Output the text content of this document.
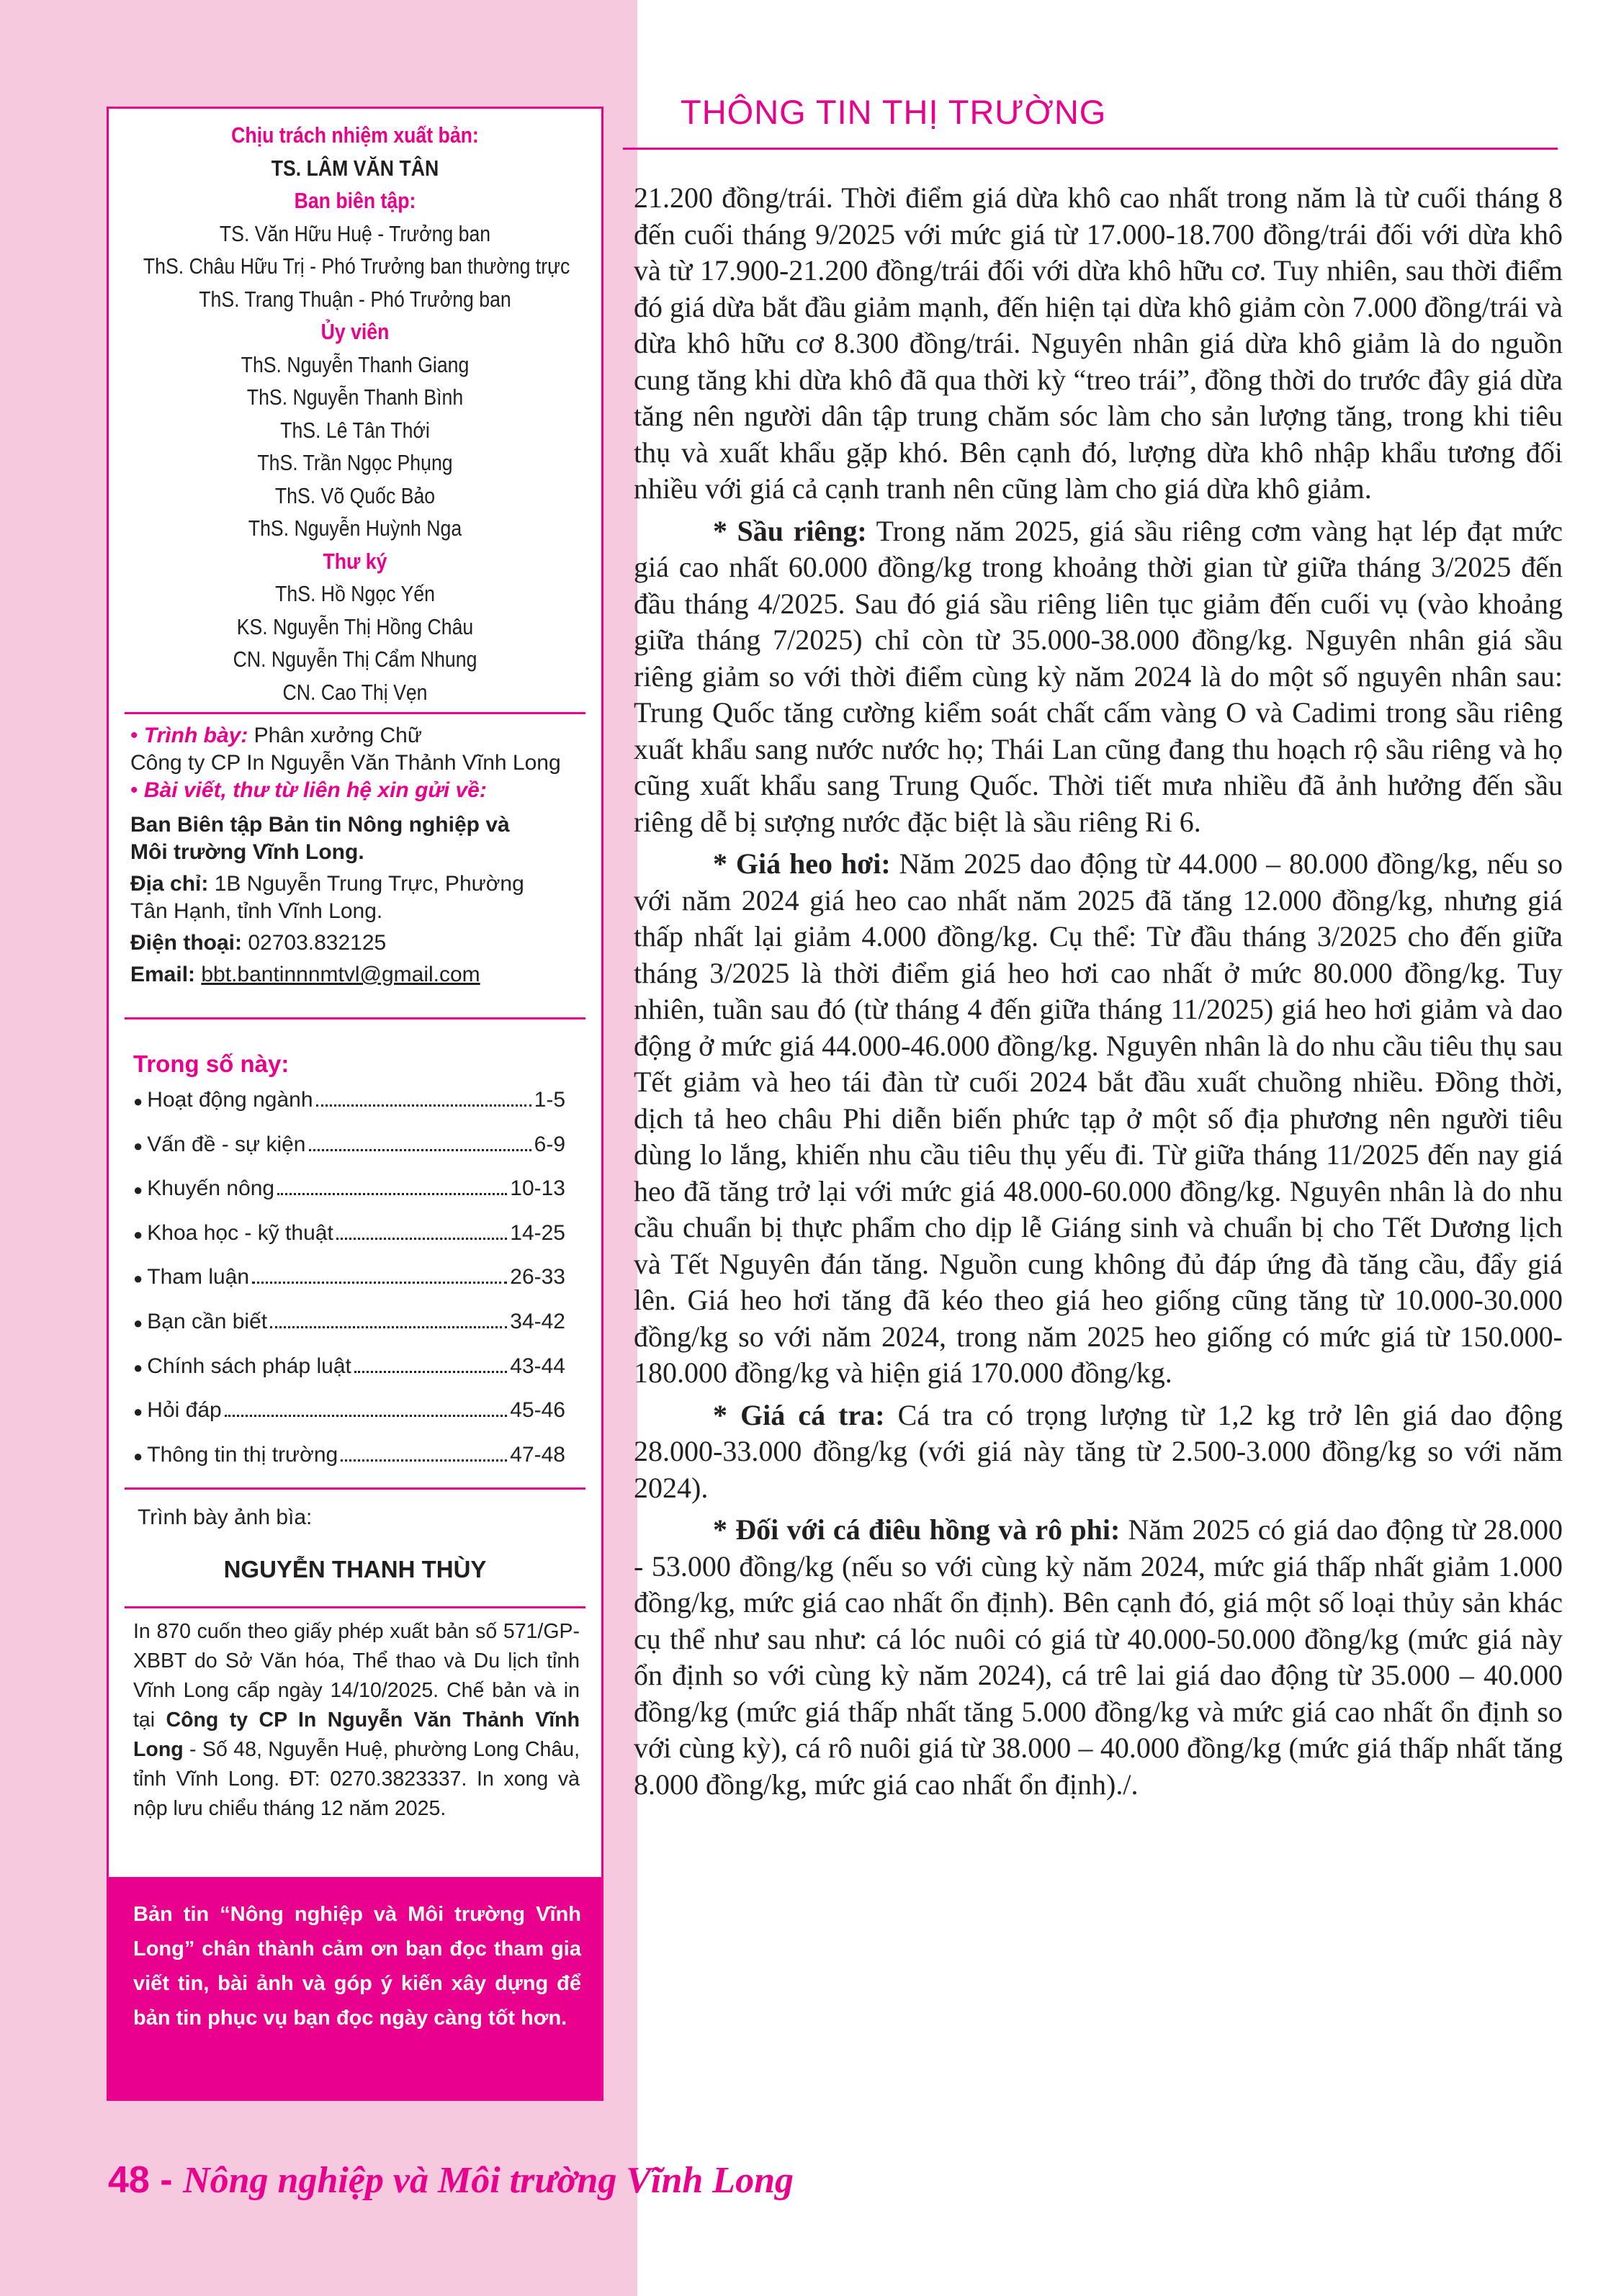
Chịu trách nhiệm xuất bản:
TS. LÂM VĂN TÂN
Ban biên tập:
TS. Văn Hữu Huệ - Trưởng ban
ThS. Châu Hữu Trị - Phó Trưởng ban thường trực
ThS. Trang Thuận - Phó Trưởng ban
Ủy viên
ThS. Nguyễn Thanh Giang
ThS. Nguyễn Thanh Bình
ThS. Lê Tân Thới
ThS. Trần Ngọc Phụng
ThS. Võ Quốc Bảo
ThS. Nguyễn Huỳnh Nga
Thư ký
ThS. Hồ Ngọc Yến
KS. Nguyễn Thị Hồng Châu
CN. Nguyễn Thị Cẩm Nhung
CN. Cao Thị Vẹn
• Trình bày: Phân xưởng Chữ
Công ty CP In Nguyễn Văn Thảnh Vĩnh Long
• Bài viết, thư từ liên hệ xin gửi về:
Ban Biên tập Bản tin Nông nghiệp và
Môi trường Vĩnh Long.
Địa chỉ: 1B Nguyễn Trung Trực, Phường
Tân Hạnh, tỉnh Vĩnh Long.
Điện thoại: 02703.832125
Email: bbt.bantinnnmtvl@gmail.com
Trong số này:
● Hoạt động ngành	1-5
● Vấn đề - sự kiện	6-9
● Khuyến nông	10-13
● Khoa học - kỹ thuật	14-25
● Tham luận	26-33
● Bạn cần biết	34-42
● Chính sách pháp luật	43-44
● Hỏi đáp	45-46
● Thông tin thị trường	47-48
Trình bày ảnh bìa:
NGUYỄN THANH THÙY
In 870 cuốn theo giấy phép xuất bản số 571/GP-XBBT do Sở Văn hóa, Thể thao và Du lịch tỉnh Vĩnh Long cấp ngày 14/10/2025. Chế bản và in tại Công ty CP In Nguyễn Văn Thảnh Vĩnh Long - Số 48, Nguyễn Huệ, phường Long Châu, tỉnh Vĩnh Long. ĐT: 0270.3823337. In xong và nộp lưu chiểu tháng 12 năm 2025.
Bản tin “Nông nghiệp và Môi trường Vĩnh Long” chân thành cảm ơn bạn đọc tham gia viết tin, bài ảnh và góp ý kiến xây dựng để bản tin phục vụ bạn đọc ngày càng tốt hơn.
THÔNG TIN THỊ TRƯỜNG

21.200 đồng/trái. Thời điểm giá dừa khô cao nhất trong năm là từ cuối tháng 8 đến cuối tháng 9/2025 với mức giá từ 17.000-18.700 đồng/trái đối với dừa khô và từ 17.900-21.200 đồng/trái đối với dừa khô hữu cơ. Tuy nhiên, sau thời điểm đó giá dừa bắt đầu giảm mạnh, đến hiện tại dừa khô giảm còn 7.000 đồng/trái và dừa khô hữu cơ 8.300 đồng/trái. Nguyên nhân giá dừa khô giảm là do nguồn cung tăng khi dừa khô đã qua thời kỳ “treo trái”, đồng thời do trước đây giá dừa tăng nên người dân tập trung chăm sóc làm cho sản lượng tăng, trong khi tiêu thụ và xuất khẩu gặp khó. Bên cạnh đó, lượng dừa khô nhập khẩu tương đối nhiều với giá cả cạnh tranh nên cũng làm cho giá dừa khô giảm.

* Sầu riêng: Trong năm 2025, giá sầu riêng cơm vàng hạt lép đạt mức giá cao nhất 60.000 đồng/kg trong khoảng thời gian từ giữa tháng 3/2025 đến đầu tháng 4/2025. Sau đó giá sầu riêng liên tục giảm đến cuối vụ (vào khoảng giữa tháng 7/2025) chỉ còn từ 35.000-38.000 đồng/kg. Nguyên nhân giá sầu riêng giảm so với thời điểm cùng kỳ năm 2024 là do một số nguyên nhân sau: Trung Quốc tăng cường kiểm soát chất cấm vàng O và Cadimi trong sầu riêng xuất khẩu sang nước nước họ; Thái Lan cũng đang thu hoạch rộ sầu riêng và họ cũng xuất khẩu sang Trung Quốc. Thời tiết mưa nhiều đã ảnh hưởng đến sầu riêng dễ bị sượng nước đặc biệt là sầu riêng Ri 6.

* Giá heo hơi: Năm 2025 dao động từ 44.000 – 80.000 đồng/kg, nếu so với năm 2024 giá heo cao nhất năm 2025 đã tăng 12.000 đồng/kg, nhưng giá thấp nhất lại giảm 4.000 đồng/kg. Cụ thể: Từ đầu tháng 3/2025 cho đến giữa tháng 3/2025 là thời điểm giá heo hơi cao nhất ở mức 80.000 đồng/kg. Tuy nhiên, tuần sau đó (từ tháng 4 đến giữa tháng 11/2025) giá heo hơi giảm và dao động ở mức giá 44.000-46.000 đồng/kg. Nguyên nhân là do nhu cầu tiêu thụ sau Tết giảm và heo tái đàn từ cuối 2024 bắt đầu xuất chuồng nhiều. Đồng thời, dịch tả heo châu Phi diễn biến phức tạp ở một số địa phương nên người tiêu dùng lo lắng, khiến nhu cầu tiêu thụ yếu đi. Từ giữa tháng 11/2025 đến nay giá heo đã tăng trở lại với mức giá 48.000-60.000 đồng/kg. Nguyên nhân là do nhu cầu chuẩn bị thực phẩm cho dịp lễ Giáng sinh và chuẩn bị cho Tết Dương lịch và Tết Nguyên đán tăng. Nguồn cung không đủ đáp ứng đà tăng cầu, đẩy giá lên. Giá heo hơi tăng đã kéo theo giá heo giống cũng tăng từ 10.000-30.000 đồng/kg so với năm 2024, trong năm 2025 heo giống có mức giá từ 150.000-180.000 đồng/kg và hiện giá 170.000 đồng/kg.

* Giá cá tra: Cá tra có trọng lượng từ 1,2 kg trở lên giá dao động 28.000-33.000 đồng/kg (với giá này tăng từ 2.500-3.000 đồng/kg so với năm 2024).

* Đối với cá điêu hồng và rô phi: Năm 2025 có giá dao động từ 28.000 - 53.000 đồng/kg (nếu so với cùng kỳ năm 2024, mức giá thấp nhất giảm 1.000 đồng/kg, mức giá cao nhất ổn định). Bên cạnh đó, giá một số loại thủy sản khác cụ thể như sau như: cá lóc nuôi có giá từ 40.000-50.000 đồng/kg (mức giá này ổn định so với cùng kỳ năm 2024), cá trê lai giá dao động từ 35.000 – 40.000 đồng/kg (mức giá thấp nhất tăng 5.000 đồng/kg và mức giá cao nhất ổn định so với cùng kỳ), cá rô nuôi giá từ 38.000 – 40.000 đồng/kg (mức giá thấp nhất tăng 8.000 đồng/kg, mức giá cao nhất ổn định)./.

48 - Nông nghiệp và Môi trường Vĩnh Long
